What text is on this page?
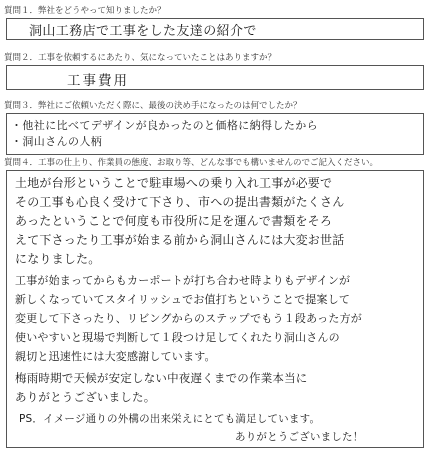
質問１．弊社をどうやって知りましたか？
洞山工務店で工事をした友達の紹介で
質問２．工事を依頼するにあたり、気になっていたことはありますか？
工事費用
質問３．弊社にご依頼いただく際に、最後の決め手になったのは何でしたか？
・他社に比べてデザインが良かったのと価格に納得したから
・洞山さんの人柄
質問４．工事の仕上り、作業員の態度、お取り等、どんな事でも構いませんのでご記入ください。
土地が台形ということで駐車場への乗り入れ工事が必要で
その工事も心良く受けて下さり、市への提出書類がたくさん
あったということで何度も市役所に足を運んで書類をそろ
えて下さったり工事が始まる前から洞山さんには大変お世話
になりました。
工事が始まってからもカーポートが打ち合わせ時よりもデザインが
新しくなっていてスタイリッシュでお值打ちということで提案して
変更して下さったり、リビングからのステップでもう１段あった方が
使いやすいと現場で判断して１段つけ足してくれたり洞山さんの
親切と迅速性には大変感謝しています。
梅雨時期で天候が安定しない中夜遅くまでの作業本当に
ありがとうございました。
PS．イメージ通りの外構の出来栄えにとても満足しています。
ありがとうございました！
